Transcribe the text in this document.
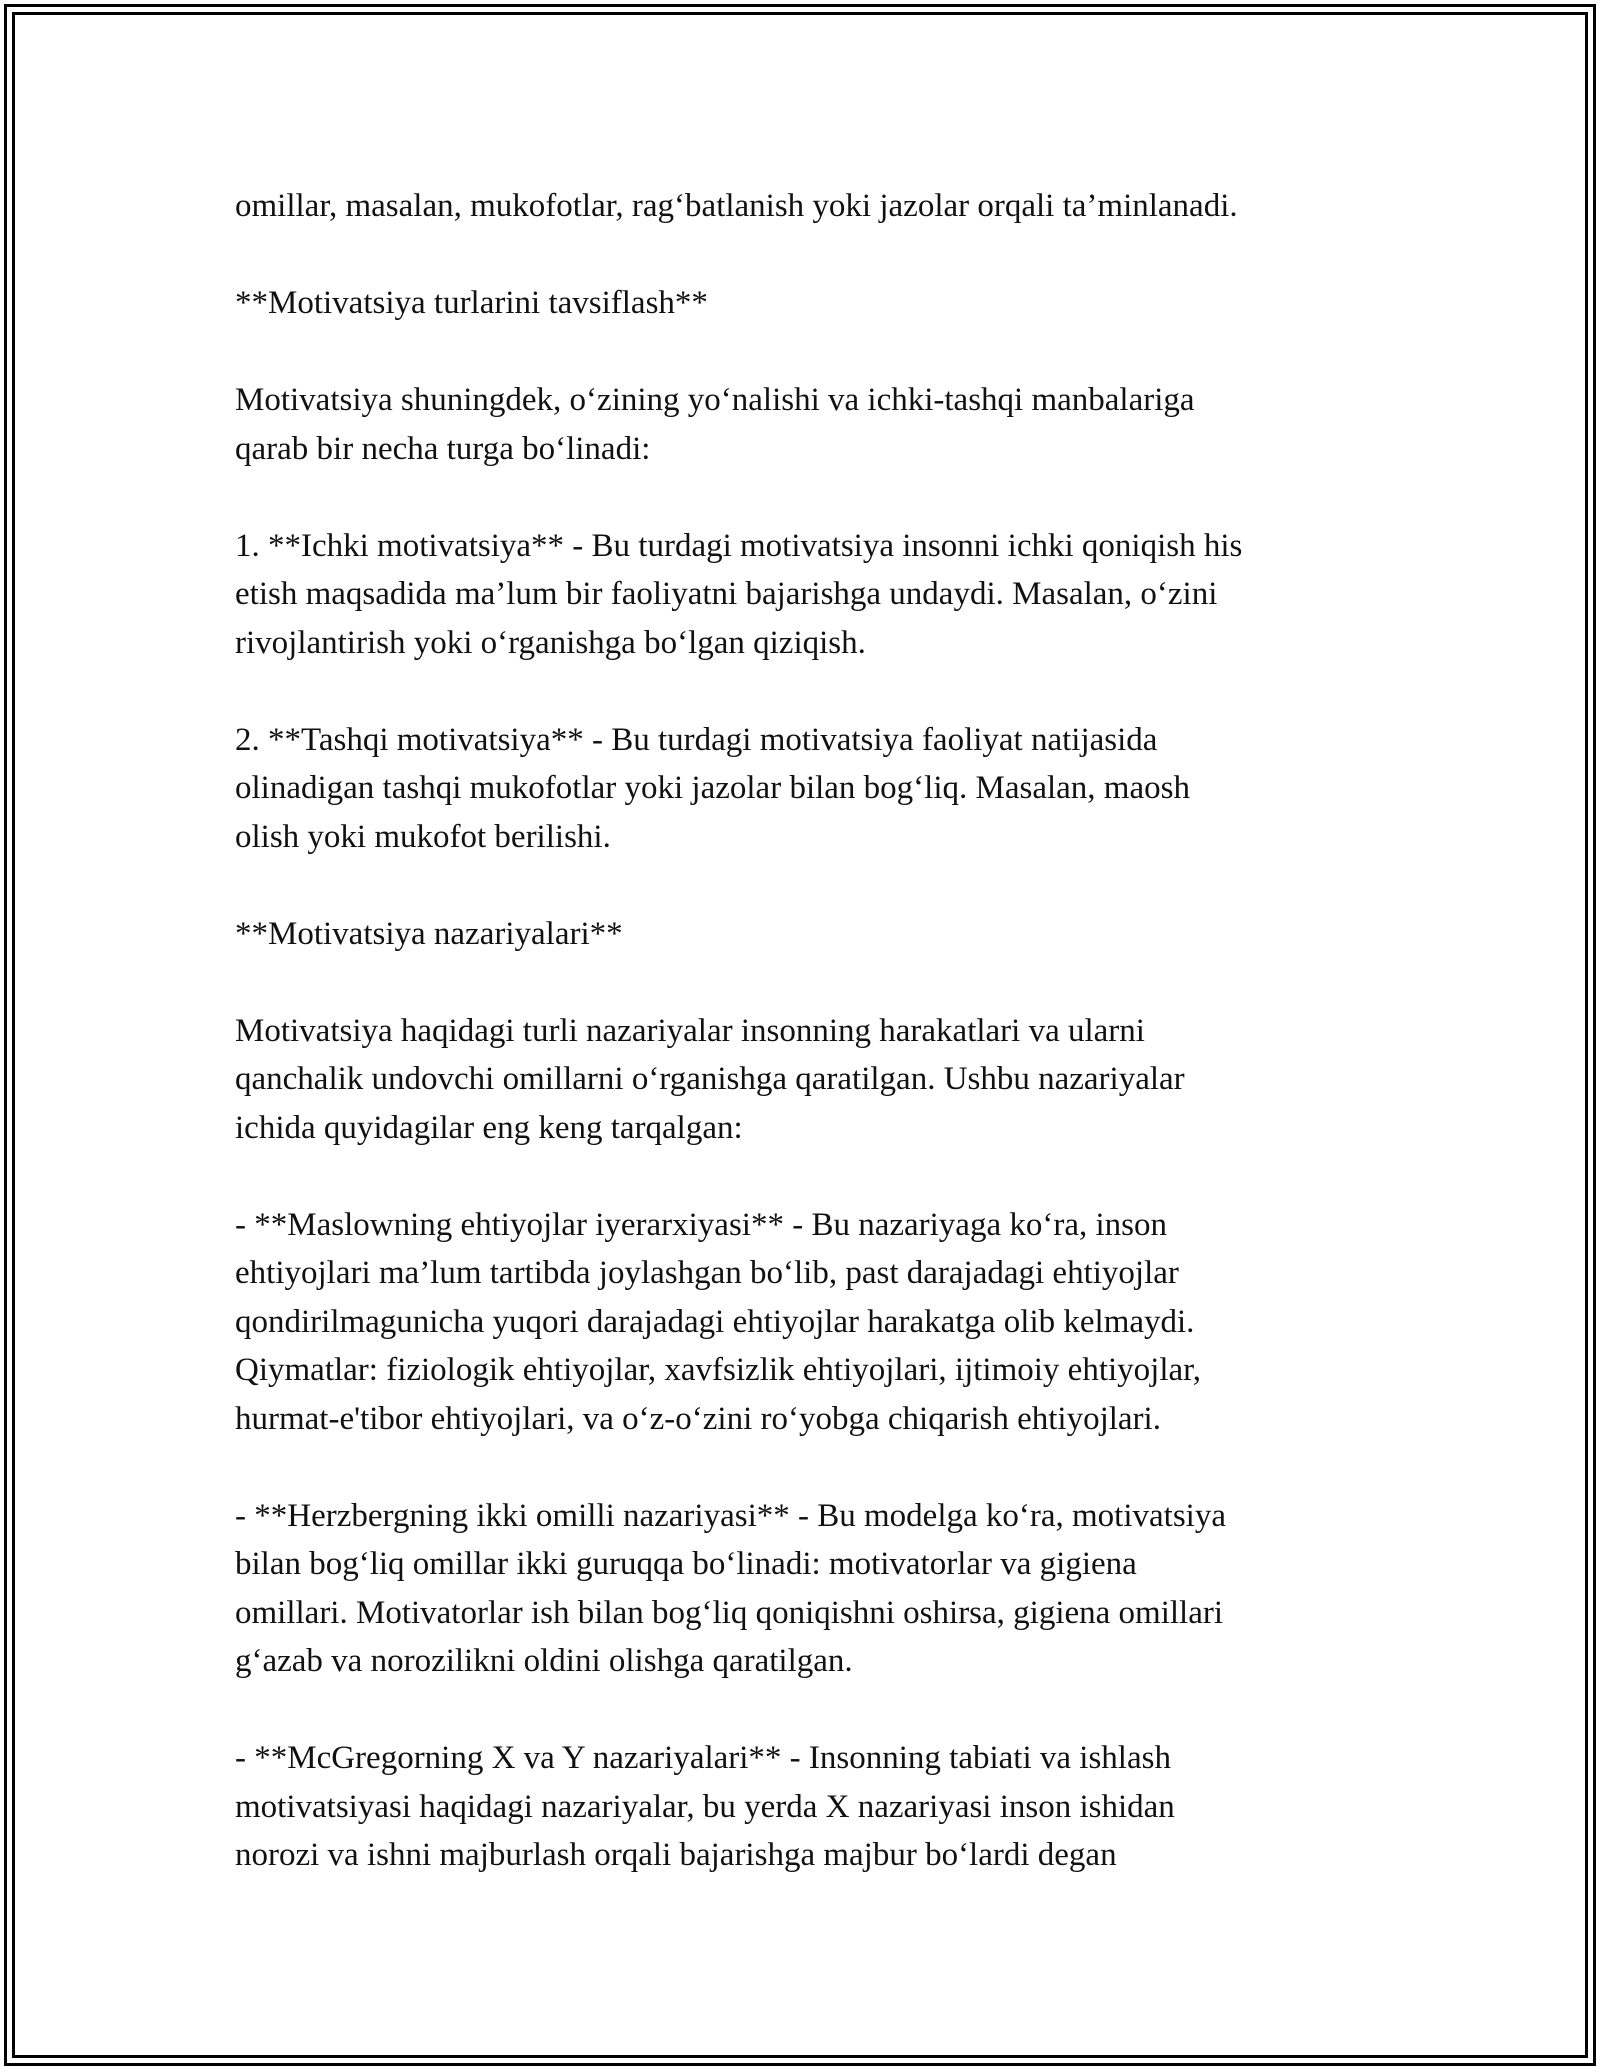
omillar, masalan, mukofotlar, rag‘batlanish yoki jazolar orqali ta’minlanadi.
**Motivatsiya turlarini tavsiflash**
Motivatsiya shuningdek, o‘zining yo‘nalishi va ichki-tashqi manbalariga
qarab bir necha turga bo‘linadi:
1. **Ichki motivatsiya** - Bu turdagi motivatsiya insonni ichki qoniqish his
etish maqsadida ma’lum bir faoliyatni bajarishga undaydi. Masalan, o‘zini
rivojlantirish yoki o‘rganishga bo‘lgan qiziqish.
2. **Tashqi motivatsiya** - Bu turdagi motivatsiya faoliyat natijasida
olinadigan tashqi mukofotlar yoki jazolar bilan bog‘liq. Masalan, maosh
olish yoki mukofot berilishi.
**Motivatsiya nazariyalari**
Motivatsiya haqidagi turli nazariyalar insonning harakatlari va ularni
qanchalik undovchi omillarni o‘rganishga qaratilgan. Ushbu nazariyalar
ichida quyidagilar eng keng tarqalgan:
- **Maslowning ehtiyojlar iyerarxiyasi** - Bu nazariyaga ko‘ra, inson
ehtiyojlari ma’lum tartibda joylashgan bo‘lib, past darajadagi ehtiyojlar
qondirilmagunicha yuqori darajadagi ehtiyojlar harakatga olib kelmaydi.
Qiymatlar: fiziologik ehtiyojlar, xavfsizlik ehtiyojlari, ijtimoiy ehtiyojlar,
hurmat-e'tibor ehtiyojlari, va o‘z-o‘zini ro‘yobga chiqarish ehtiyojlari.
- **Herzbergning ikki omilli nazariyasi** - Bu modelga ko‘ra, motivatsiya
bilan bog‘liq omillar ikki guruqqa bo‘linadi: motivatorlar va gigiena
omillari. Motivatorlar ish bilan bog‘liq qoniqishni oshirsa, gigiena omillari
g‘azab va norozilikni oldini olishga qaratilgan.
- **McGregorning X va Y nazariyalari** - Insonning tabiati va ishlash
motivatsiyasi haqidagi nazariyalar, bu yerda X nazariyasi inson ishidan
norozi va ishni majburlash orqali bajarishga majbur bo‘lardi degan
